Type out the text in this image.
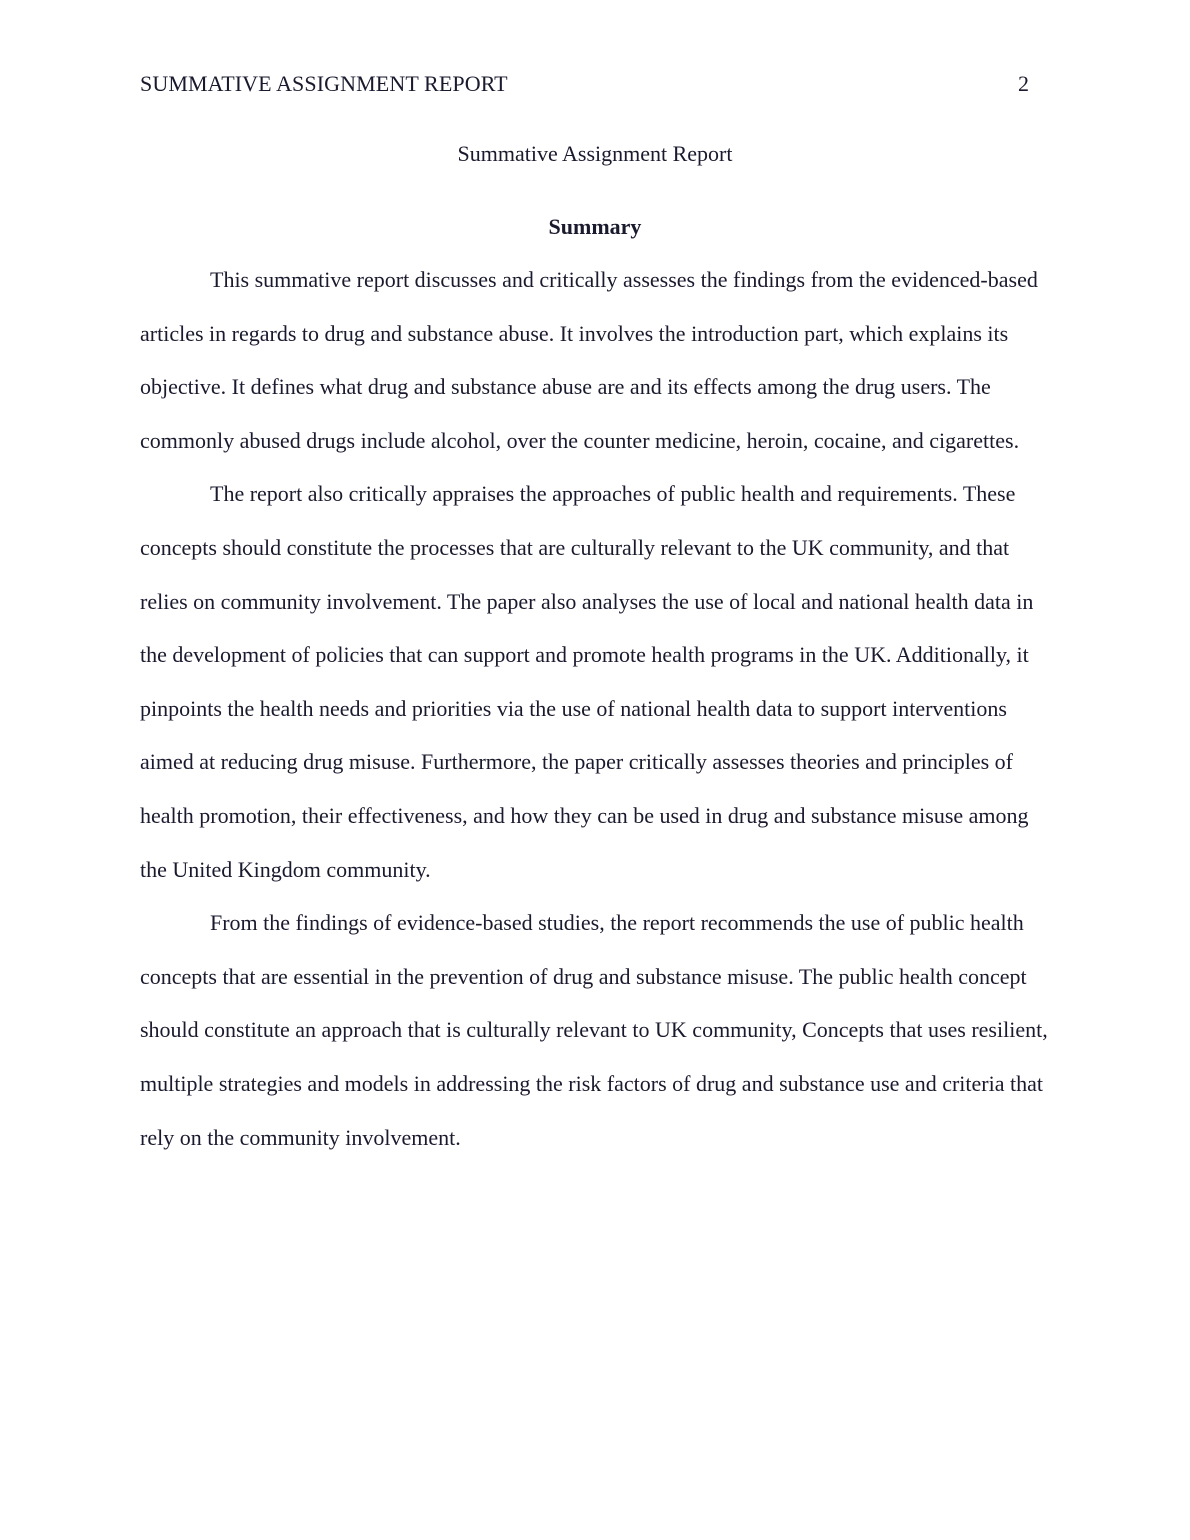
SUMMATIVE ASSIGNMENT REPORT	2
Summative Assignment Report
Summary

This summative report discusses and critically assesses the findings from the evidenced-based articles in regards to drug and substance abuse. It involves the introduction part, which explains its objective. It defines what drug and substance abuse are and its effects among the drug users. The commonly abused drugs include alcohol, over the counter medicine, heroin, cocaine, and cigarettes.

The report also critically appraises the approaches of public health and requirements. These concepts should constitute the processes that are culturally relevant to the UK community, and that relies on community involvement. The paper also analyses the use of local and national health data in the development of policies that can support and promote health programs in the UK. Additionally, it pinpoints the health needs and priorities via the use of national health data to support interventions aimed at reducing drug misuse. Furthermore, the paper critically assesses theories and principles of health promotion, their effectiveness, and how they can be used in drug and substance misuse among the United Kingdom community.

From the findings of evidence-based studies, the report recommends the use of public health concepts that are essential in the prevention of drug and substance misuse. The public health concept should constitute an approach that is culturally relevant to UK community, Concepts that uses resilient, multiple strategies and models in addressing the risk factors of drug and substance use and criteria that rely on the community involvement.
